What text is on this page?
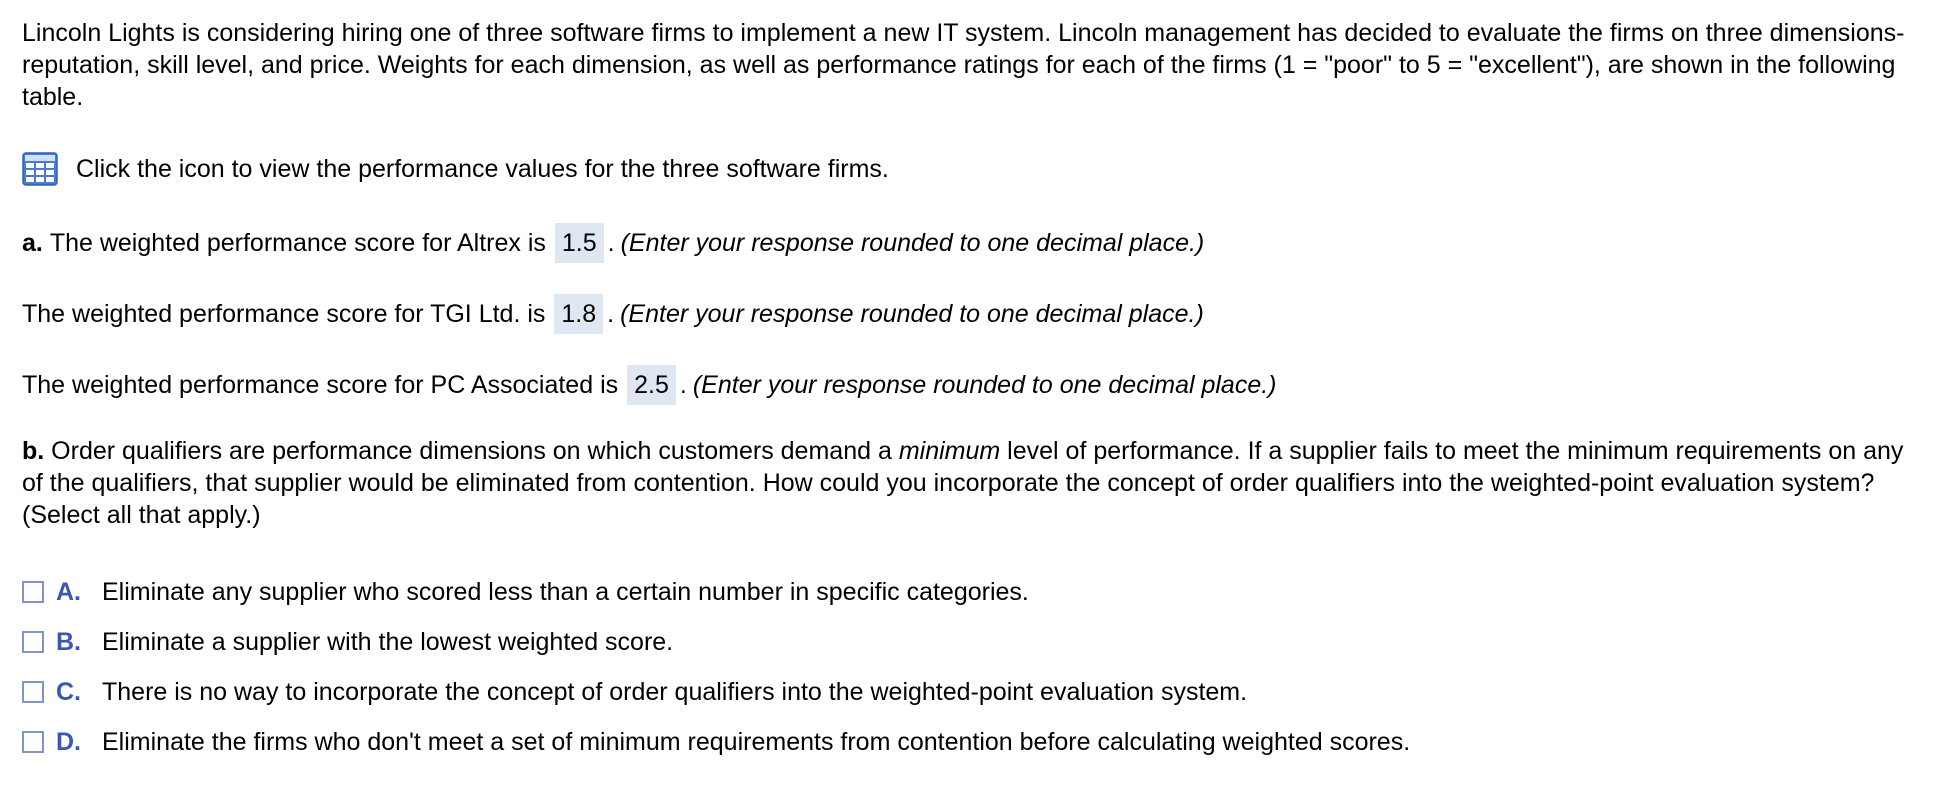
Lincoln Lights is considering hiring one of three software firms to implement a new IT system. Lincoln management has decided to evaluate the firms on three dimensions-reputation, skill level, and price. Weights for each dimension, as well as performance ratings for each of the firms (1 = "poor" to 5 = "excellent"), are shown in the following table.

Click the icon to view the performance values for the three software firms.
a.
The weighted performance score for Altrex is 1.5 . (Enter your response rounded to one decimal place.)
The weighted performance score for TGI Ltd. is 1.8 . (Enter your response rounded to one decimal place.)
The weighted performance score for PC Associated is 2.5 . (Enter your response rounded to one decimal place.)

b. Order qualifiers are performance dimensions on which customers demand a minimum level of performance. If a supplier fails to meet the minimum requirements on any of the qualifiers, that supplier would be eliminated from contention. How could you incorporate the concept of order qualifiers into the weighted-point evaluation system? (Select all that apply.)

A. Eliminate any supplier who scored less than a certain number in specific categories.
B. Eliminate a supplier with the lowest weighted score.
C. There is no way to incorporate the concept of order qualifiers into the weighted-point evaluation system.
D. Eliminate the firms who don't meet a set of minimum requirements from contention before calculating weighted scores.
